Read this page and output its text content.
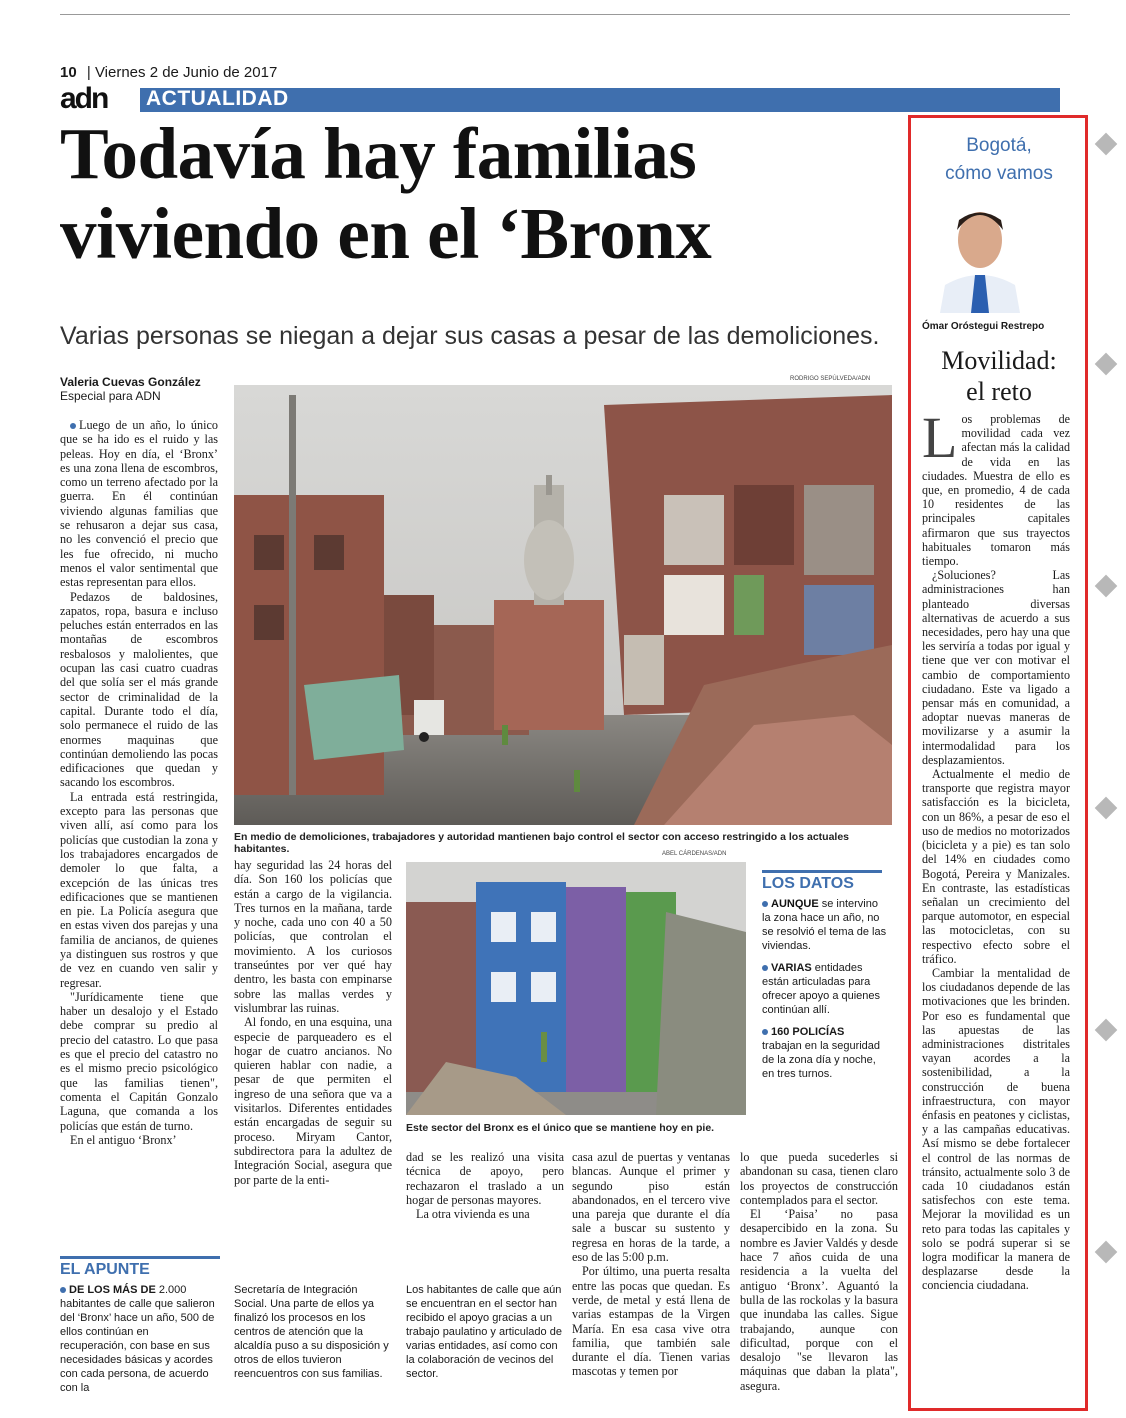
10 | Viernes 2 de Junio de 2017
adn ACTUALIDAD
Todavía hay familias
viviendo en el ‘Bronx
Varias personas se niegan a dejar sus casas a pesar de las demoliciones.
Valeria Cuevas González
Especial para ADN

Luego de un año, lo único que se ha ido es el ruido y las peleas. Hoy en día, el ‘Bronx’ es una zona llena de escombros, como un terreno afectado por la guerra. En él continúan viviendo algunas familias que se rehusaron a dejar sus casa, no les convenció el precio que les fue ofrecido, ni mucho menos el valor sentimental que estas representan para ellos.

Pedazos de baldosines, zapatos, ropa, basura e incluso peluches están enterrados en las montañas de escombros resbalosos y malolientes, que ocupan las casi cuatro cuadras del que solía ser el más grande sector de criminalidad de la capital. Durante todo el día, solo permanece el ruido de las enormes maquinas que continúan demoliendo las pocas edificaciones que quedan y sacando los escombros.

La entrada está restringida, excepto para las personas que viven allí, así como para los policías que custodian la zona y los trabajadores encargados de demoler lo que falta, a excepción de las únicas tres edificaciones que se mantienen en pie. La Policía asegura que en estas viven dos parejas y una familia de ancianos, de quienes ya distinguen sus rostros y que de vez en cuando ven salir y regresar.

"Jurídicamente tiene que haber un desalojo y el Estado debe comprar su predio al precio del catastro. Lo que pasa es que el precio del catastro no es el mismo precio psicológico que las familias tienen", comenta el Capitán Gonzalo Laguna, que comanda a los policías que están de turno.

En el antiguo ‘Bronx’

RODRIGO SEPÚLVEDA/ADN
En medio de demoliciones, trabajadores y autoridad mantienen bajo control el sector con acceso restringido a los actuales habitantes.

hay seguridad las 24 horas del día. Son 160 los policías que están a cargo de la vigilancia. Tres turnos en la mañana, tarde y noche, cada uno con 40 a 50 policías, que controlan el movimiento. A los curiosos transeúntes por ver qué hay dentro, les basta con empinarse sobre las mallas verdes y vislumbrar las ruinas.

Al fondo, en una esquina, una especie de parqueadero es el hogar de cuatro ancianos. No quieren hablar con nadie, a pesar de que permiten el ingreso de una señora que va a visitarlos. Diferentes entidades están encargadas de seguir su proceso. Miryam Cantor, subdirectora para la adultez de Integración Social, asegura que por parte de la enti-

ABEL CÁRDENAS/ADN
Este sector del Bronx es el único que se mantiene hoy en pie.
LOS DATOS

AUNQUE se intervino la zona hace un año, no se resolvió el tema de las viviendas.

VARIAS entidades están articuladas para ofrecer apoyo a quienes continúan allí.

160 POLICÍAS trabajan en la seguridad de la zona día y noche, en tres turnos.

dad se les realizó una visita técnica de apoyo, pero rechazaron el traslado a un hogar de personas mayores.

La otra vivienda es una

casa azul de puertas y ventanas blancas. Aunque el primer y segundo piso están abandonados, en el tercero vive una pareja que durante el día sale a buscar su sustento y regresa en horas de la tarde, a eso de las 5:00 p.m.

Por último, una puerta resalta entre las pocas que quedan. Es verde, de metal y está llena de varias estampas de la Virgen María. En esa casa vive otra familia, que también sale durante el día. Tienen varias mascotas y temen por

lo que pueda sucederles si abandonan su casa, tienen claro los proyectos de construcción contemplados para el sector.

El ‘Paisa’ no pasa desapercibido en la zona. Su nombre es Javier Valdés y desde hace 7 años cuida de una residencia a la vuelta del antiguo ‘Bronx’. Aguantó la bulla de las rockolas y la basura que inundaba las calles. Sigue trabajando, aunque con dificultad, porque con el desalojo "se llevaron las máquinas que daban la plata", asegura.

EL APUNTE
DE LOS MÁS DE 2.000 habitantes de calle que salieron del ‘Bronx’ hace un año, 500 de ellos continúan en recuperación, con base en sus necesidades básicas y acordes con cada persona, de acuerdo con la
Secretaría de Integración Social. Una parte de ellos ya finalizó los procesos en los centros de atención que la alcaldía puso a su disposición y otros de ellos tuvieron reencuentros con sus familias.
Los habitantes de calle que aún se encuentran en el sector han recibido el apoyo gracias a un trabajo paulatino y articulado de varias entidades, así como con la colaboración de vecinos del sector.
Bogotá,
cómo vamos
Ómar Oróstegui Restrepo
Movilidad:
el reto

Los problemas de movilidad cada vez afectan más la calidad de vida en las ciudades. Muestra de ello es que, en promedio, 4 de cada 10 residentes de las principales capitales afirmaron que sus trayectos habituales tomaron más tiempo.

¿Soluciones? Las administraciones han planteado diversas alternativas de acuerdo a sus necesidades, pero hay una que les serviría a todas por igual y tiene que ver con motivar el cambio de comportamiento ciudadano. Este va ligado a pensar más en comunidad, a adoptar nuevas maneras de movilizarse y a asumir la intermodalidad para los desplazamientos.

Actualmente el medio de transporte que registra mayor satisfacción es la bicicleta, con un 86%, a pesar de eso el uso de medios no motorizados (bicicleta y a pie) es tan solo del 14% en ciudades como Bogotá, Pereira y Manizales. En contraste, las estadísticas señalan un crecimiento del parque automotor, en especial las motocicletas, con su respectivo efecto sobre el tráfico.

Cambiar la mentalidad de los ciudadanos depende de las motivaciones que les brinden. Por eso es fundamental que las apuestas de las administraciones distritales vayan acordes a la sostenibilidad, a la construcción de buena infraestructura, con mayor énfasis en peatones y ciclistas, y a las campañas educativas. Así mismo se debe fortalecer el control de las normas de tránsito, actualmente solo 3 de cada 10 ciudadanos están satisfechos con este tema. Mejorar la movilidad es un reto para todas las capitales y solo se podrá superar si se logra modificar la manera de desplazarse desde la conciencia ciudadana.
